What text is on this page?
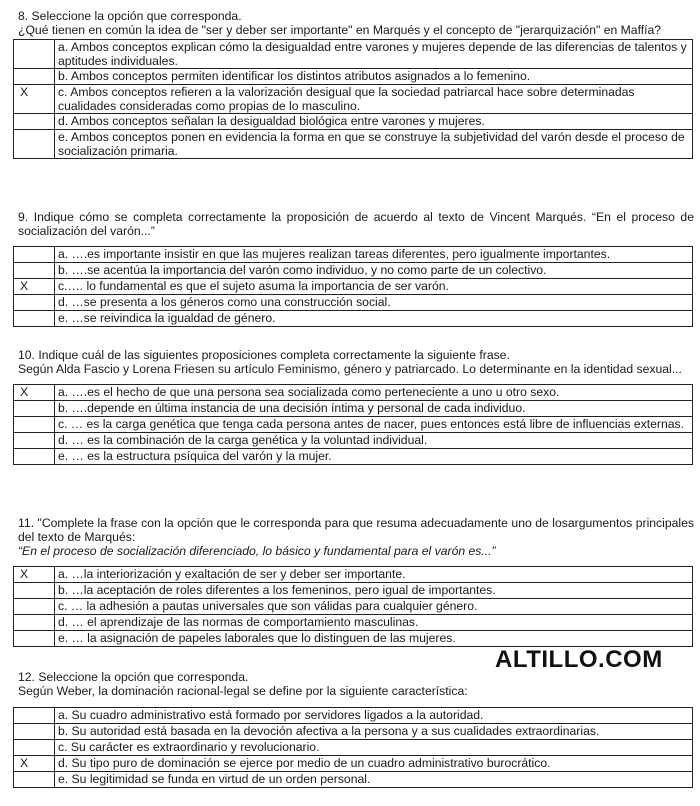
8. Seleccione la opción que corresponda.

¿Qué tienen en común la idea de "ser y deber ser importante" en Marqués y el concepto de "jerarquización" en Maffía?

	a. Ambos conceptos explican cómo la desigualdad entre varones y mujeres depende de las diferencias de talentos y aptitudes individuales.
	b. Ambos conceptos permiten identificar los distintos atributos asignados a lo femenino.
X	c. Ambos conceptos refieren a la valorización desigual que la sociedad patriarcal hace sobre determinadas cualidades consideradas como propias de lo masculino.
	d. Ambos conceptos señalan la desigualdad biológica entre varones y mujeres.
	e. Ambos conceptos ponen en evidencia la forma en que se construye la subjetividad del varón desde el proceso de socialización primaria.

9. Indique cómo se completa correctamente la proposición de acuerdo al texto de Vincent Marqués. “En el proceso de socialización del varón...”

	a. ….es importante insistir en que las mujeres realizan tareas diferentes, pero igualmente importantes.
	b. ….se acentúa la importancia del varón como individuo, y no como parte de un colectivo.
X	c.…. lo fundamental es que el sujeto asuma la importancia de ser varón.
	d. …se presenta a los géneros como una construcción social.
	e. …se reivindica la igualdad de género.

10. Indique cuál de las siguientes proposiciones completa correctamente la siguiente frase.

Según Alda Fascio y Lorena Friesen su artículo Feminismo, género y patriarcado. Lo determinante en la identidad sexual...

X	a. ….es el hecho de que una persona sea socializada como perteneciente a uno u otro sexo.
	b. ….depende en última instancia de una decisión íntima y personal de cada individuo.
	c. … es la carga genética que tenga cada persona antes de nacer, pues entonces está libre de influencias externas.
	d. … es la combinación de la carga genética y la voluntad individual.
	e. … es la estructura psíquica del varón y la mujer.

11. "Complete la frase con la opción que le corresponda para que resuma adecuadamente uno de losargumentos principales del texto de Marqués:

“En el proceso de socialización diferenciado, lo básico y fundamental para el varón es...”

X	a. …la interiorización y exaltación de ser y deber ser importante.
	b. …la aceptación de roles diferentes a los femeninos, pero igual de importantes.
	c. … la adhesión a pautas universales que son válidas para cualquier género.
	d. … el aprendizaje de las normas de comportamiento masculinas.
	e. … la asignación de papeles laborales que lo distinguen de las mujeres.
ALTILLO.COM

12. Seleccione la opción que corresponda.

Según Weber, la dominación racional-legal se define por la siguiente característica:

	a. Su cuadro administrativo está formado por servidores ligados a la autoridad.
	b. Su autoridad está basada en la devoción afectiva a la persona y a sus cualidades extraordinarias.
	c. Su carácter es extraordinario y revolucionario.
X	d. Su tipo puro de dominación se ejerce por medio de un cuadro administrativo burocrático.
	e. Su legitimidad se funda en virtud de un orden personal.
